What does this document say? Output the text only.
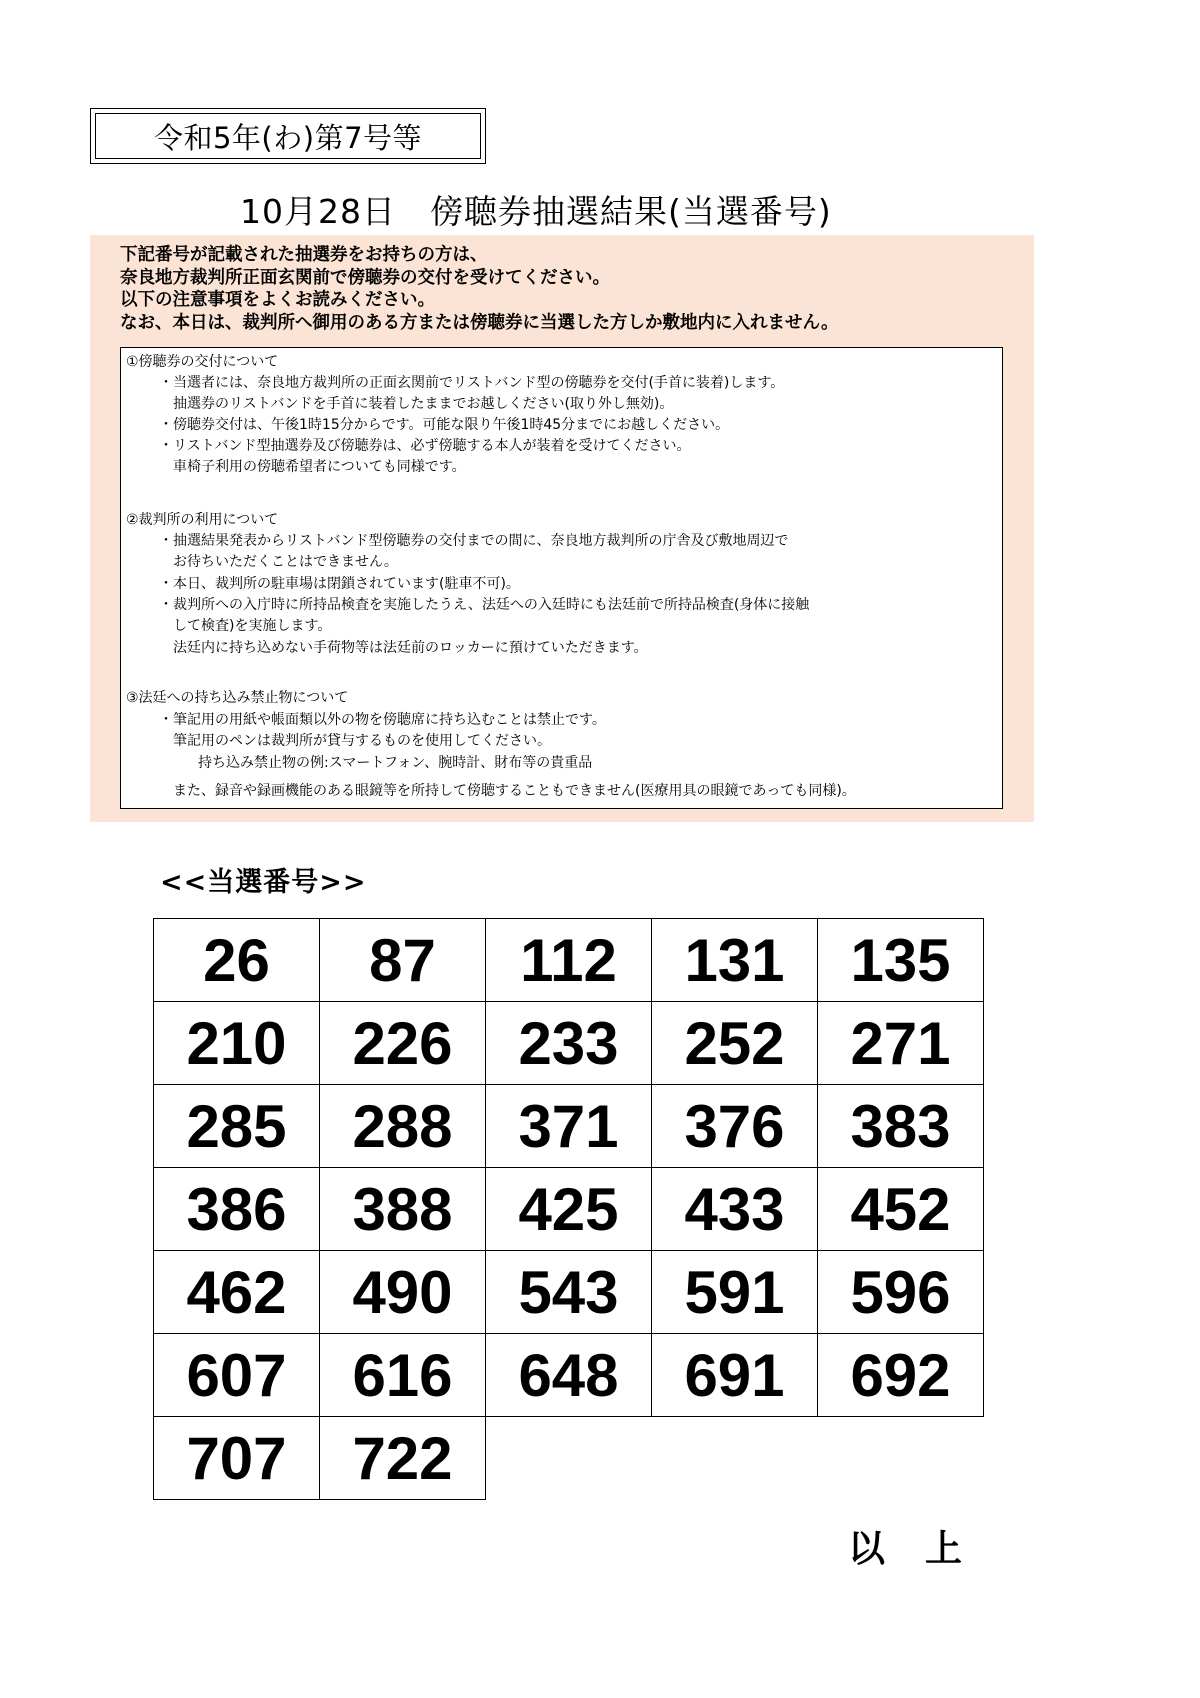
令和5年(わ)第7号等
10月28日　傍聴券抽選結果(当選番号)
下記番号が記載された抽選券をお持ちの方は、
奈良地方裁判所正面玄関前で傍聴券の交付を受けてください。
以下の注意事項をよくお読みください。
なお、本日は、裁判所へ御用のある方または傍聴券に当選した方しか敷地内に入れません。
①傍聴券の交付について
・当選者には、奈良地方裁判所の正面玄関前でリストバンド型の傍聴券を交付(手首に装着)します。
抽選券のリストバンドを手首に装着したままでお越しください(取り外し無効)。
・傍聴券交付は、午後1時15分からです。可能な限り午後1時45分までにお越しください。
・リストバンド型抽選券及び傍聴券は、必ず傍聴する本人が装着を受けてください。
車椅子利用の傍聴希望者についても同様です。
②裁判所の利用について
・抽選結果発表からリストバンド型傍聴券の交付までの間に、奈良地方裁判所の庁舎及び敷地周辺で
お待ちいただくことはできません。
・本日、裁判所の駐車場は閉鎖されています(駐車不可)。
・裁判所への入庁時に所持品検査を実施したうえ、法廷への入廷時にも法廷前で所持品検査(身体に接触
して検査)を実施します。
法廷内に持ち込めない手荷物等は法廷前のロッカーに預けていただきます。
③法廷への持ち込み禁止物について
・筆記用の用紙や帳面類以外の物を傍聴席に持ち込むことは禁止です。
筆記用のペンは裁判所が貸与するものを使用してください。
持ち込み禁止物の例:スマートフォン、腕時計、財布等の貴重品
また、録音や録画機能のある眼鏡等を所持して傍聴することもできません(医療用具の眼鏡であっても同様)。
<<当選番号>>
26	87	112	131	135
210	226	233	252	271
285	288	371	376	383
386	388	425	433	452
462	490	543	591	596
607	616	648	691	692
707	722			
以 上
